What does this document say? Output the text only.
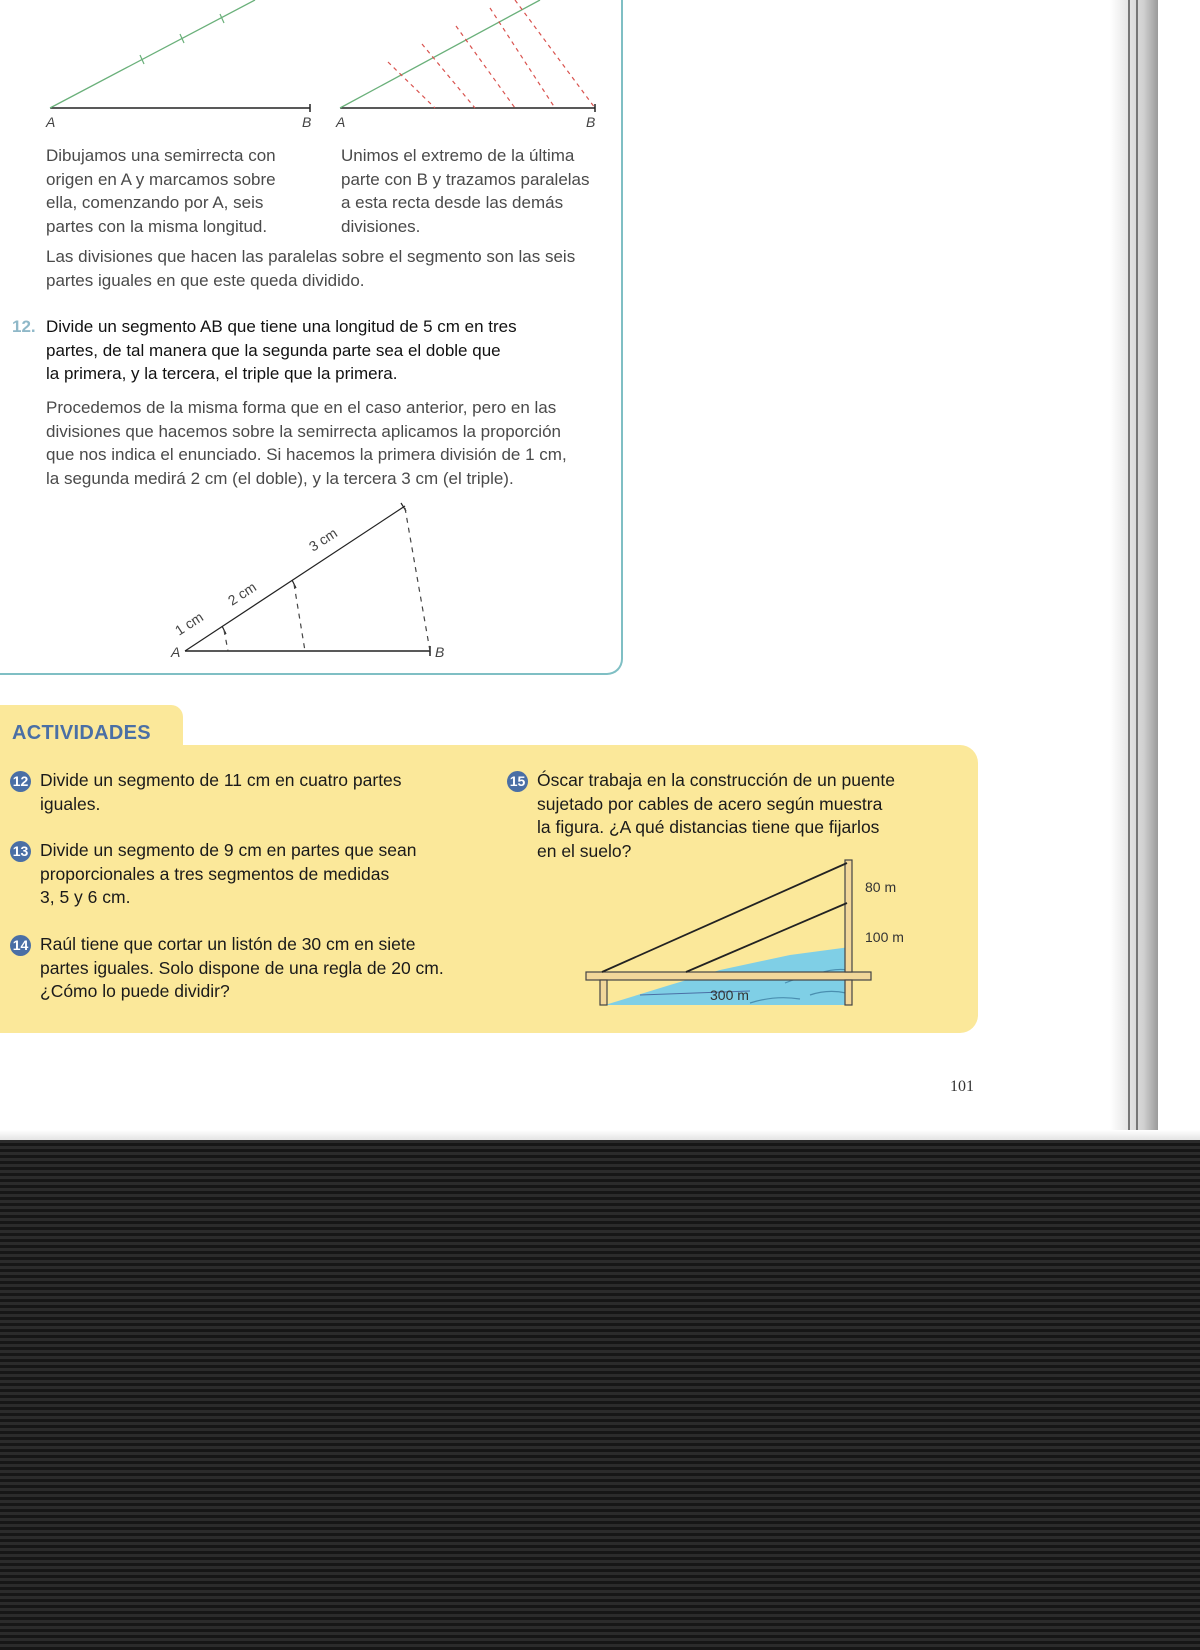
A	B A	B
Dibujamos una semirrecta con
origen en A y marcamos sobre
ella, comenzando por A, seis
partes con la misma longitud.
Unimos el extremo de la última
parte con B y trazamos paralelas
a esta recta desde las demás
divisiones.
Las divisiones que hacen las paralelas sobre el segmento son las seis
partes iguales en que este queda dividido.
12. Divide un segmento AB que tiene una longitud de 5 cm en tres
partes, de tal manera que la segunda parte sea el doble que
la primera, y la tercera, el triple que la primera.
Procedemos de la misma forma que en el caso anterior, pero en las
divisiones que hacemos sobre la semirrecta aplicamos la proporción
que nos indica el enunciado. Si hacemos la primera división de 1 cm,
la segunda medirá 2 cm (el doble), y la tercera 3 cm (el triple).
A	B
1 cm
2 cm
3 cm
ACTIVIDADES
12 Divide un segmento de 11 cm en cuatro partes
iguales.
13 Divide un segmento de 9 cm en partes que sean
proporcionales a tres segmentos de medidas
3, 5 y 6 cm.
14 Raúl tiene que cortar un listón de 30 cm en siete
partes iguales. Solo dispone de una regla de 20 cm.
¿Cómo lo puede dividir?
15 Óscar trabaja en la construcción de un puente
sujetado por cables de acero según muestra
la figura. ¿A qué distancias tiene que fijarlos
en el suelo?
80 m
100 m
300 m
101
